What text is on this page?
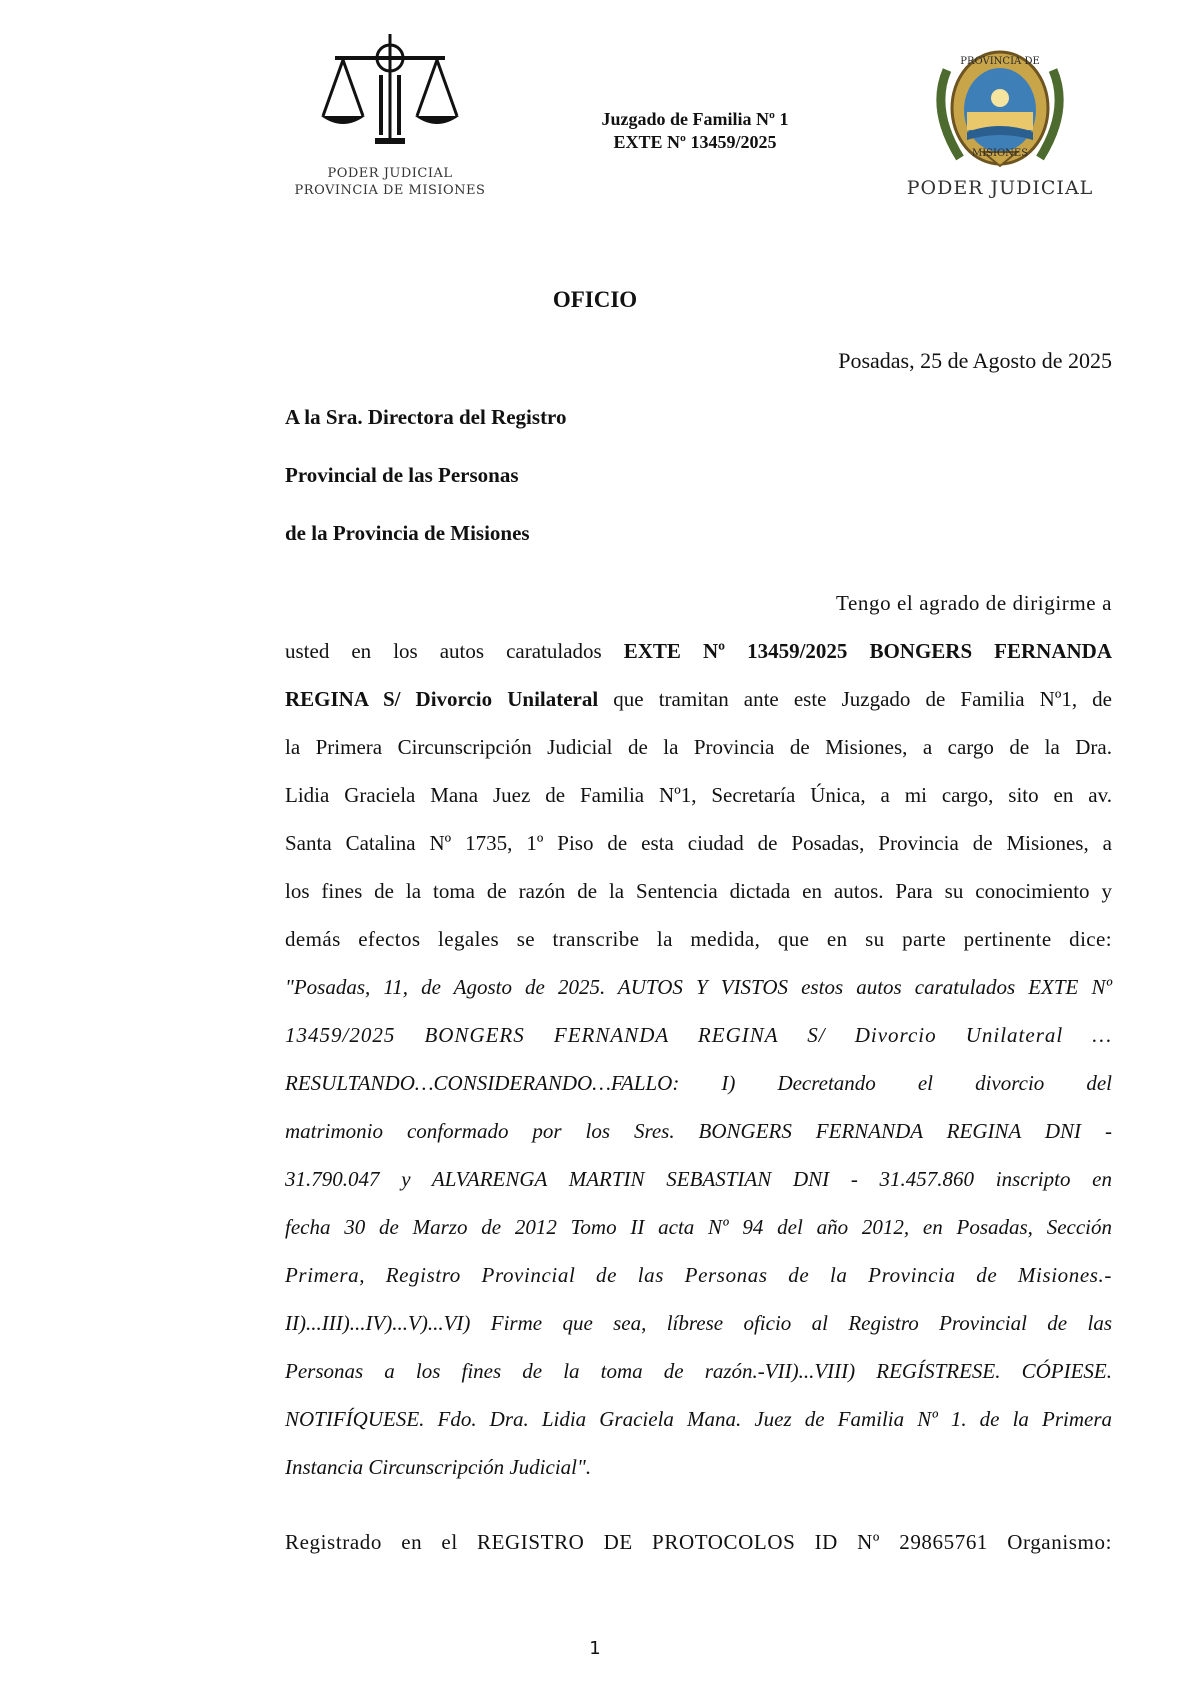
PODER JUDICIAL
PROVINCIA DE MISIONES
Juzgado de Familia Nº 1
EXTE Nº 13459/2025
PROVINCIA DE
MISIONES
PODER JUDICIAL
OFICIO
Posadas, 25 de Agosto de 2025
A la Sra. Directora del Registro
Provincial de las Personas
de la Provincia de Misiones
Tengo el agrado de dirigirme a
usted en los autos caratulados EXTE Nº 13459/2025 BONGERS FERNANDA
REGINA S/ Divorcio Unilateral que tramitan ante este Juzgado de Familia Nº1, de
la Primera Circunscripción Judicial de la Provincia de Misiones, a cargo de la Dra.
Lidia Graciela Mana Juez de Familia Nº1, Secretaría Única, a mi cargo, sito en av.
Santa Catalina Nº 1735, 1º Piso de esta ciudad de Posadas, Provincia de Misiones, a
los fines de la toma de razón de la Sentencia dictada en autos. Para su conocimiento y
demás efectos legales se transcribe la medida, que en su parte pertinente dice:
"Posadas, 11, de Agosto de 2025. AUTOS Y VISTOS estos autos caratulados EXTE Nº
13459/2025 BONGERS FERNANDA REGINA S/ Divorcio Unilateral …
RESULTANDO…CONSIDERANDO…FALLO: I) Decretando el divorcio del
matrimonio conformado por los Sres. BONGERS FERNANDA REGINA DNI -
31.790.047 y ALVARENGA MARTIN SEBASTIAN DNI - 31.457.860 inscripto en
fecha 30 de Marzo de 2012 Tomo II acta Nº 94 del año 2012, en Posadas, Sección
Primera, Registro Provincial de las Personas de la Provincia de Misiones.-
II)...III)...IV)...V)...VI) Firme que sea, líbrese oficio al Registro Provincial de las
Personas a los fines de la toma de razón.-VII)...VIII) REGÍSTRESE. CÓPIESE.
NOTIFÍQUESE. Fdo. Dra. Lidia Graciela Mana. Juez de Familia Nº 1. de la Primera
Instancia Circunscripción Judicial".
Registrado en el REGISTRO DE PROTOCOLOS ID Nº 29865761 Organismo:
1
